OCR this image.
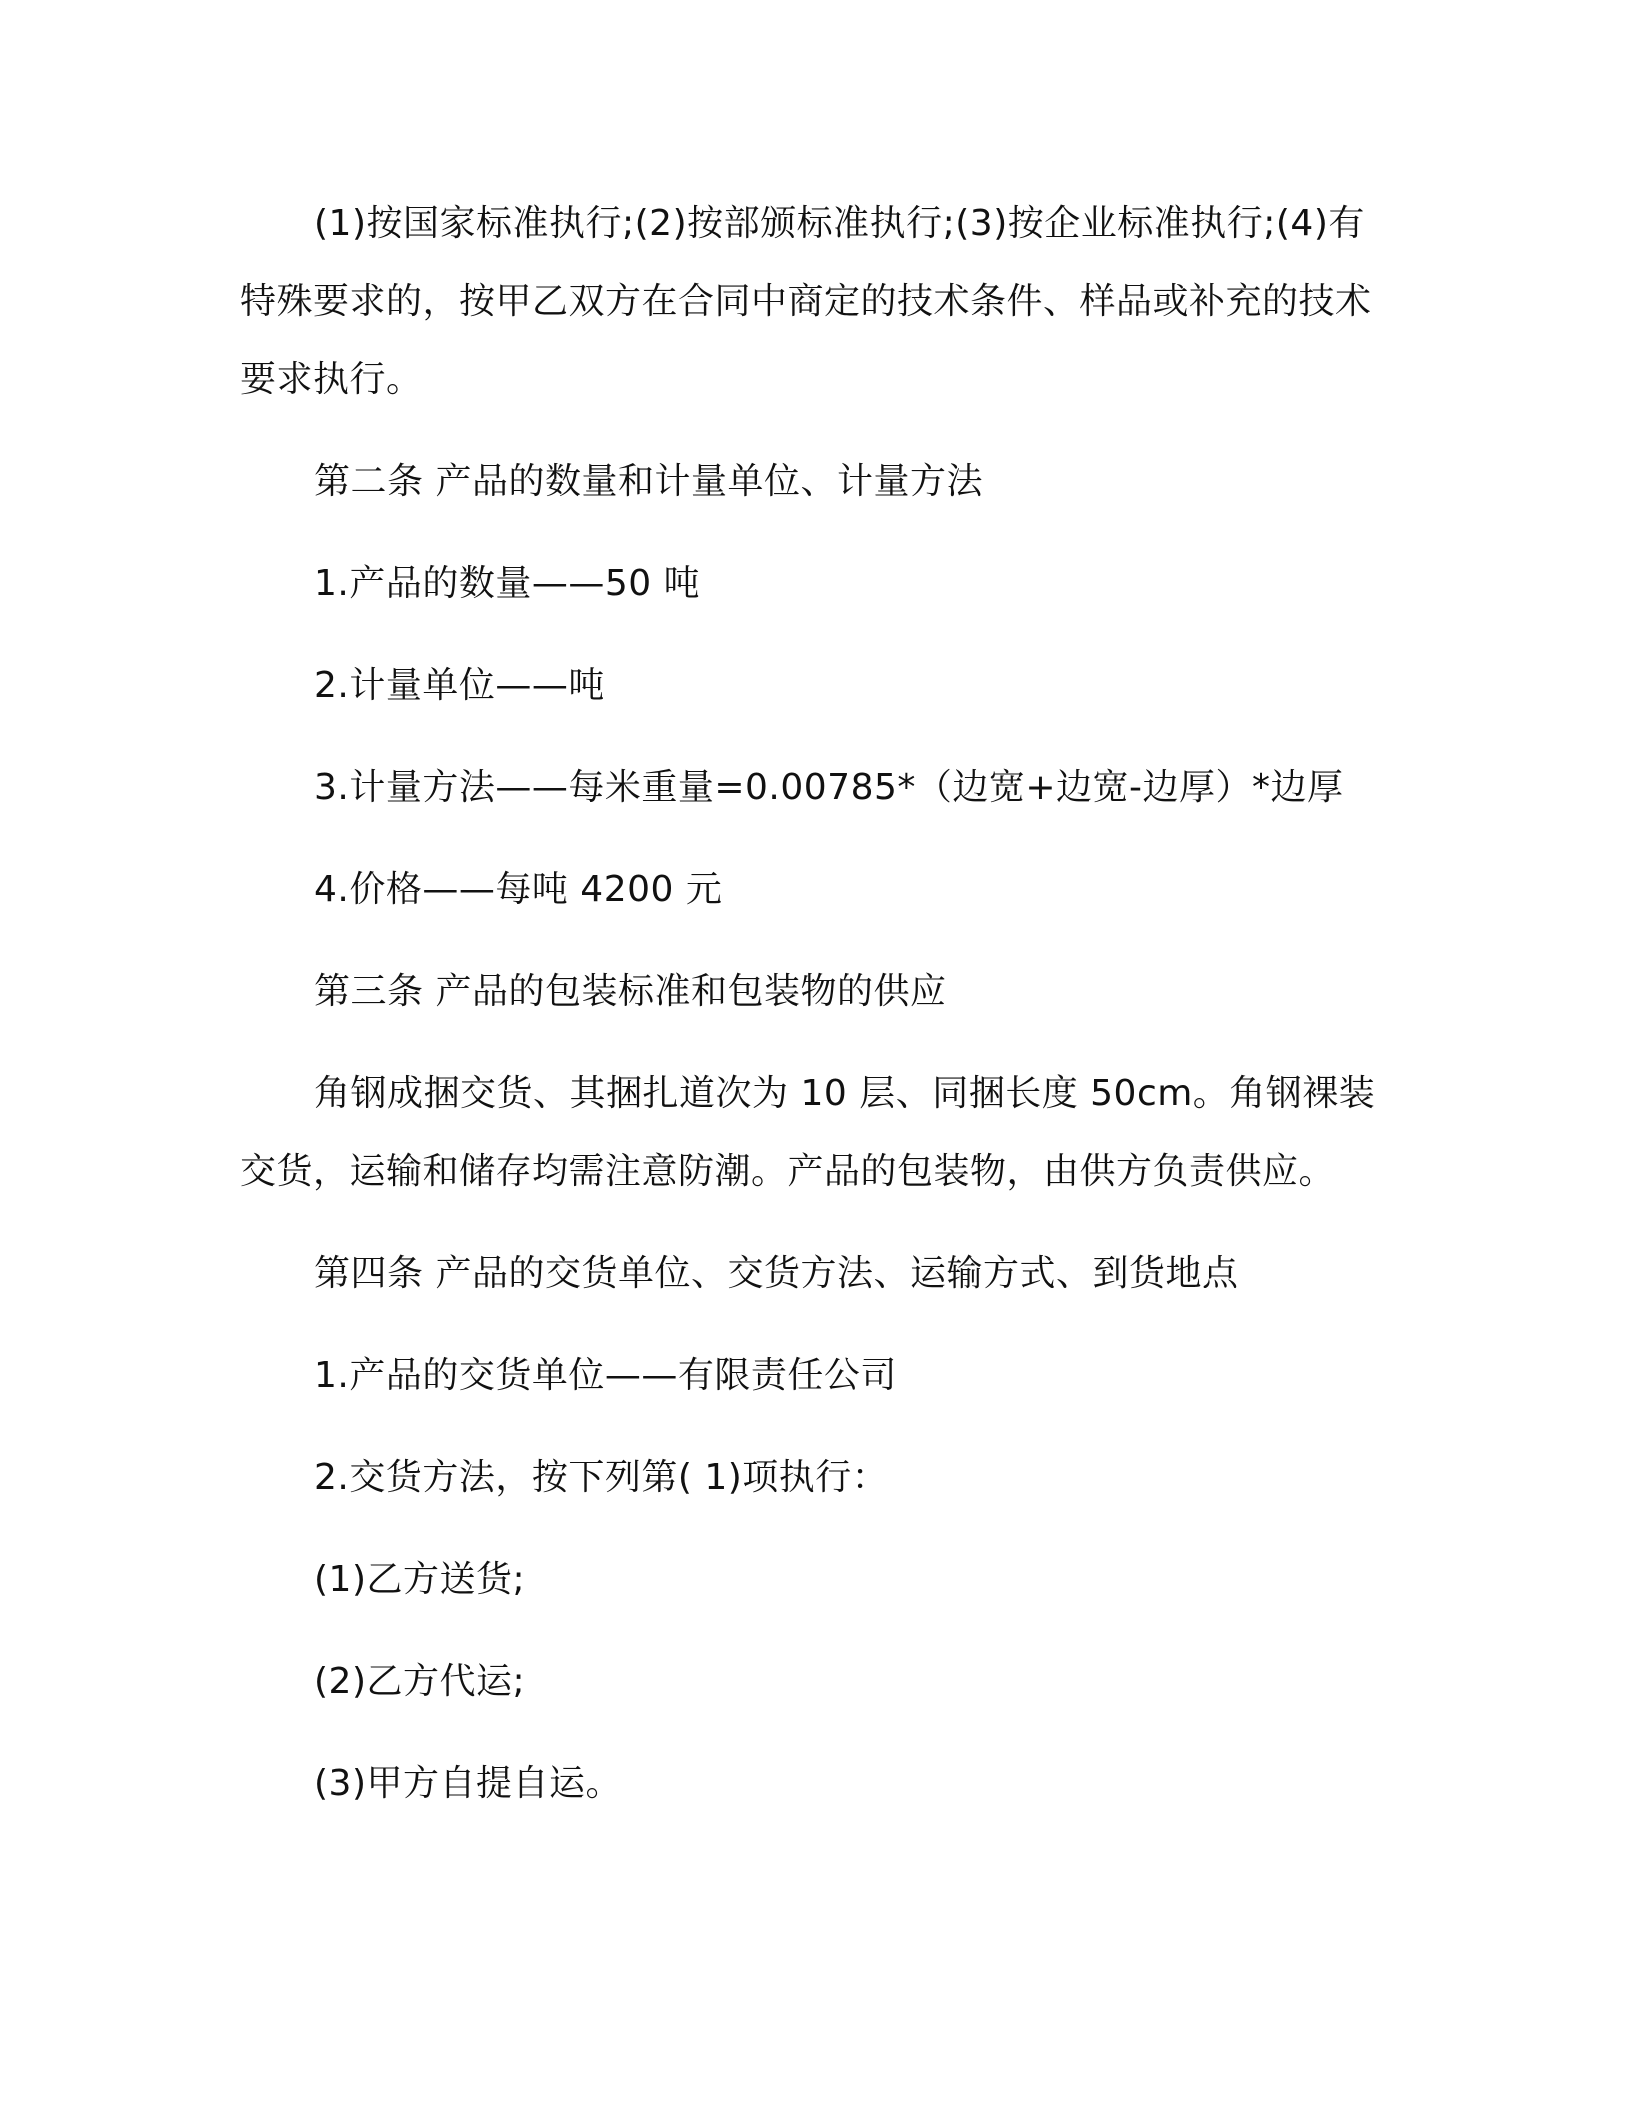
(1)按国家标准执行;(2)按部颁标准执行;(3)按企业标准执行;(4)有特殊要求的，按甲乙双方在合同中商定的技术条件、样品或补充的技术要求执行。

第二条 产品的数量和计量单位、计量方法

1.产品的数量——50 吨

2.计量单位——吨

3.计量方法——每米重量=0.00785*（边宽+边宽-边厚）*边厚

4.价格——每吨 4200 元

第三条 产品的包装标准和包装物的供应

角钢成捆交货、其捆扎道次为 10 层、同捆长度 50cm。角钢裸装交货，运输和储存均需注意防潮。产品的包装物，由供方负责供应。

第四条 产品的交货单位、交货方法、运输方式、到货地点

1.产品的交货单位——有限责任公司

2.交货方法，按下列第( 1)项执行：

(1)乙方送货;

(2)乙方代运;

(3)甲方自提自运。
